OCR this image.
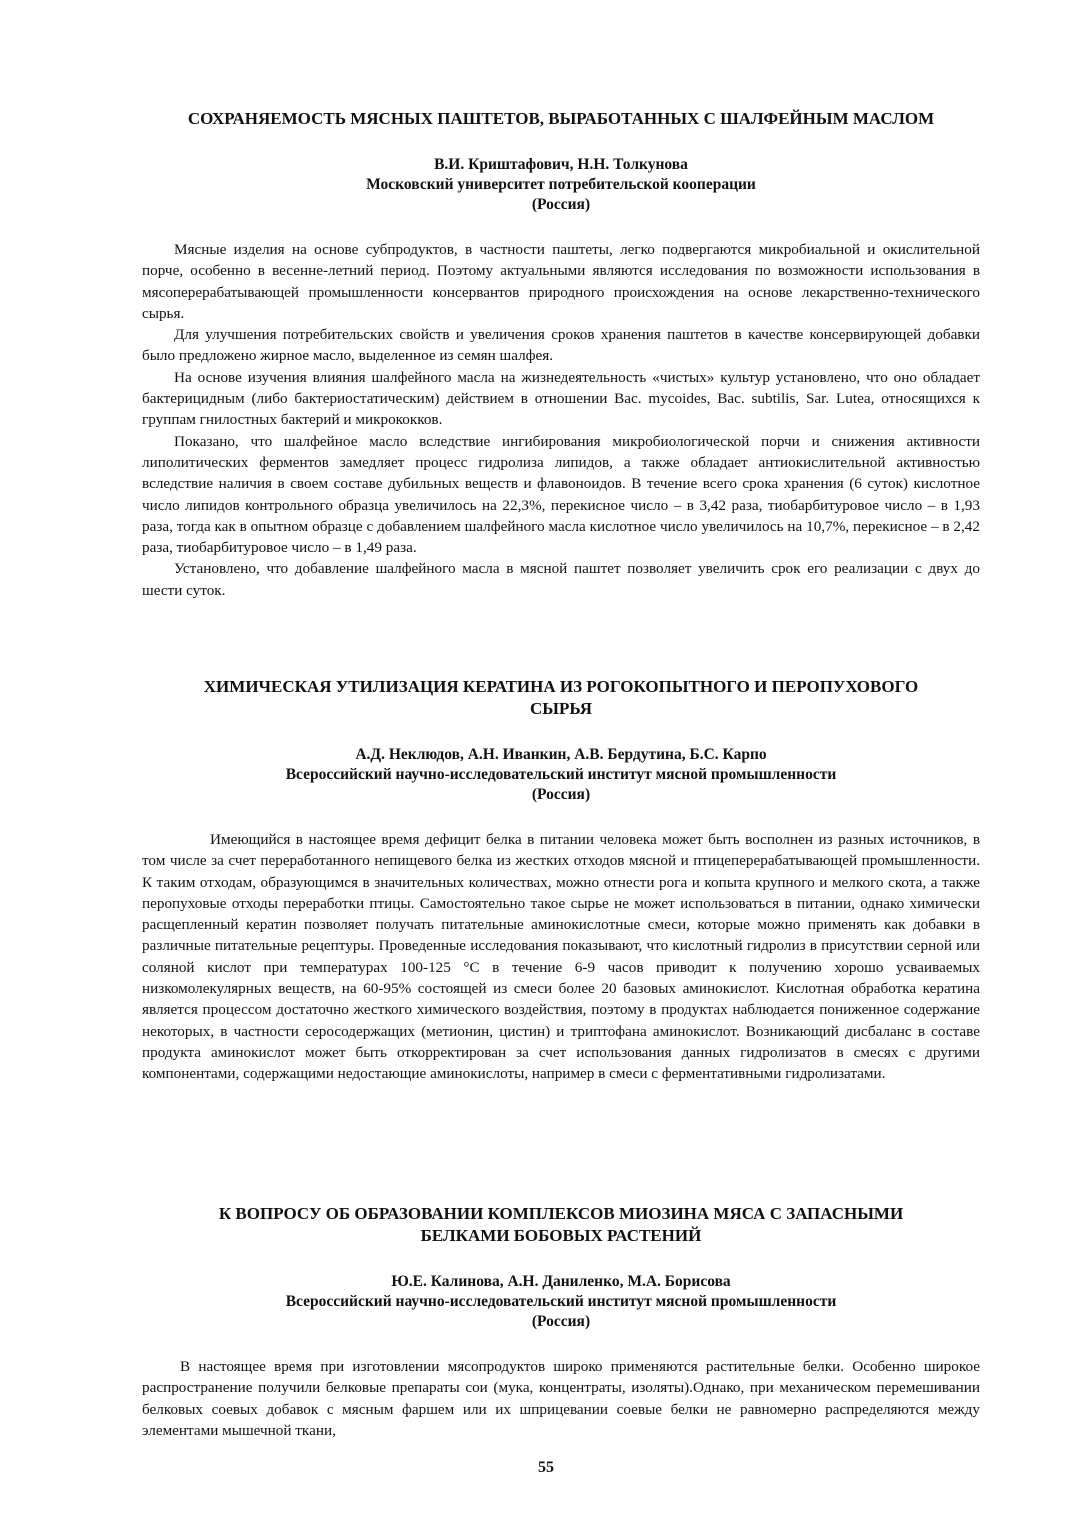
СОХРАНЯЕМОСТЬ МЯСНЫХ ПАШТЕТОВ, ВЫРАБОТАННЫХ С ШАЛФЕЙНЫМ МАСЛОМ

В.И. Криштафович, Н.Н. Толкунова

Московский университет потребительской кооперации

(Россия)

Мясные изделия на основе субпродуктов, в частности паштеты, легко подвергаются микробиальной и окислительной порче, особенно в весенне-летний период. Поэтому актуальными являются исследования по возможности использования в мясоперерабатывающей промышленности консервантов природного происхождения на основе лекарственно-технического сырья.

Для улучшения потребительских свойств и увеличения сроков хранения паштетов в качестве консервирующей добавки было предложено жирное масло, выделенное из семян шалфея.

На основе изучения влияния шалфейного масла на жизнедеятельность «чистых» культур установлено, что оно обладает бактерицидным (либо бактериостатическим) действием в отношении Bac. mycoides, Bac. subtilis, Sar. Lutea, относящихся к группам гнилостных бактерий и микрококков.

Показано, что шалфейное масло вследствие ингибирования микробиологической порчи и снижения активности липолитических ферментов замедляет процесс гидролиза липидов, а также обладает антиокислительной активностью вследствие наличия в своем составе дубильных веществ и флавоноидов. В течение всего срока хранения (6 суток) кислотное число липидов контрольного образца увеличилось на 22,3%, перекисное число – в 3,42 раза, тиобарбитуровое число – в 1,93 раза, тогда как в опытном образце с добавлением шалфейного масла кислотное число увеличилось на 10,7%, перекисное – в 2,42 раза, тиобарбитуровое число – в 1,49 раза.

Установлено, что добавление шалфейного масла в мясной паштет позволяет увеличить срок его реализации с двух до шести суток.

ХИМИЧЕСКАЯ УТИЛИЗАЦИЯ КЕРАТИНА ИЗ РОГОКОПЫТНОГО И ПЕРОПУХОВОГО

СЫРЬЯ

А.Д. Неклюдов, А.Н. Иванкин, А.В. Бердутина, Б.С. Карпо

Всероссийский научно-исследовательский институт мясной промышленности

(Россия)

Имеющийся в настоящее время дефицит белка в питании человека может быть восполнен из разных источников, в том числе за счет переработанного непищевого белка из жестких отходов мясной и птицеперерабатывающей промышленности. К таким отходам, образующимся в значительных количествах, можно отнести рога и копыта крупного и мелкого скота, а также перопуховые отходы переработки птицы. Самостоятельно такое сырье не может использоваться в питании, однако химически расщепленный кератин позволяет получать питательные аминокислотные смеси, которые можно применять как добавки в различные питательные рецептуры. Проведенные исследования показывают, что кислотный гидролиз в присутствии серной или соляной кислот при температурах 100-125 °С в течение 6-9 часов приводит к получению хорошо усваиваемых низкомолекулярных веществ, на 60-95% состоящей из смеси более 20 базовых аминокислот. Кислотная обработка кератина является процессом достаточно жесткого химического воздействия, поэтому в продуктах наблюдается пониженное содержание некоторых, в частности серосодержащих (метионин, цистин) и триптофана аминокислот. Возникающий дисбаланс в составе продукта аминокислот может быть откорректирован за счет использования данных гидролизатов в смесях с другими компонентами, содержащими недостающие аминокислоты, например в смеси с ферментативными гидролизатами.

К ВОПРОСУ ОБ ОБРАЗОВАНИИ КОМПЛЕКСОВ МИОЗИНА МЯСА С ЗАПАСНЫМИ

БЕЛКАМИ БОБОВЫХ РАСТЕНИЙ

Ю.Е. Калинова, А.Н. Даниленко, М.А. Борисова

Всероссийский научно-исследовательский институт мясной промышленности

(Россия)

В настоящее время при изготовлении мясопродуктов широко применяются растительные белки. Особенно широкое распространение получили белковые препараты сои (мука, концентраты, изоляты).Однако, при механическом перемешивании белковых соевых добавок с мясным фаршем или их шприцевании соевые белки не равномерно распределяются между элементами мышечной ткани,

55
